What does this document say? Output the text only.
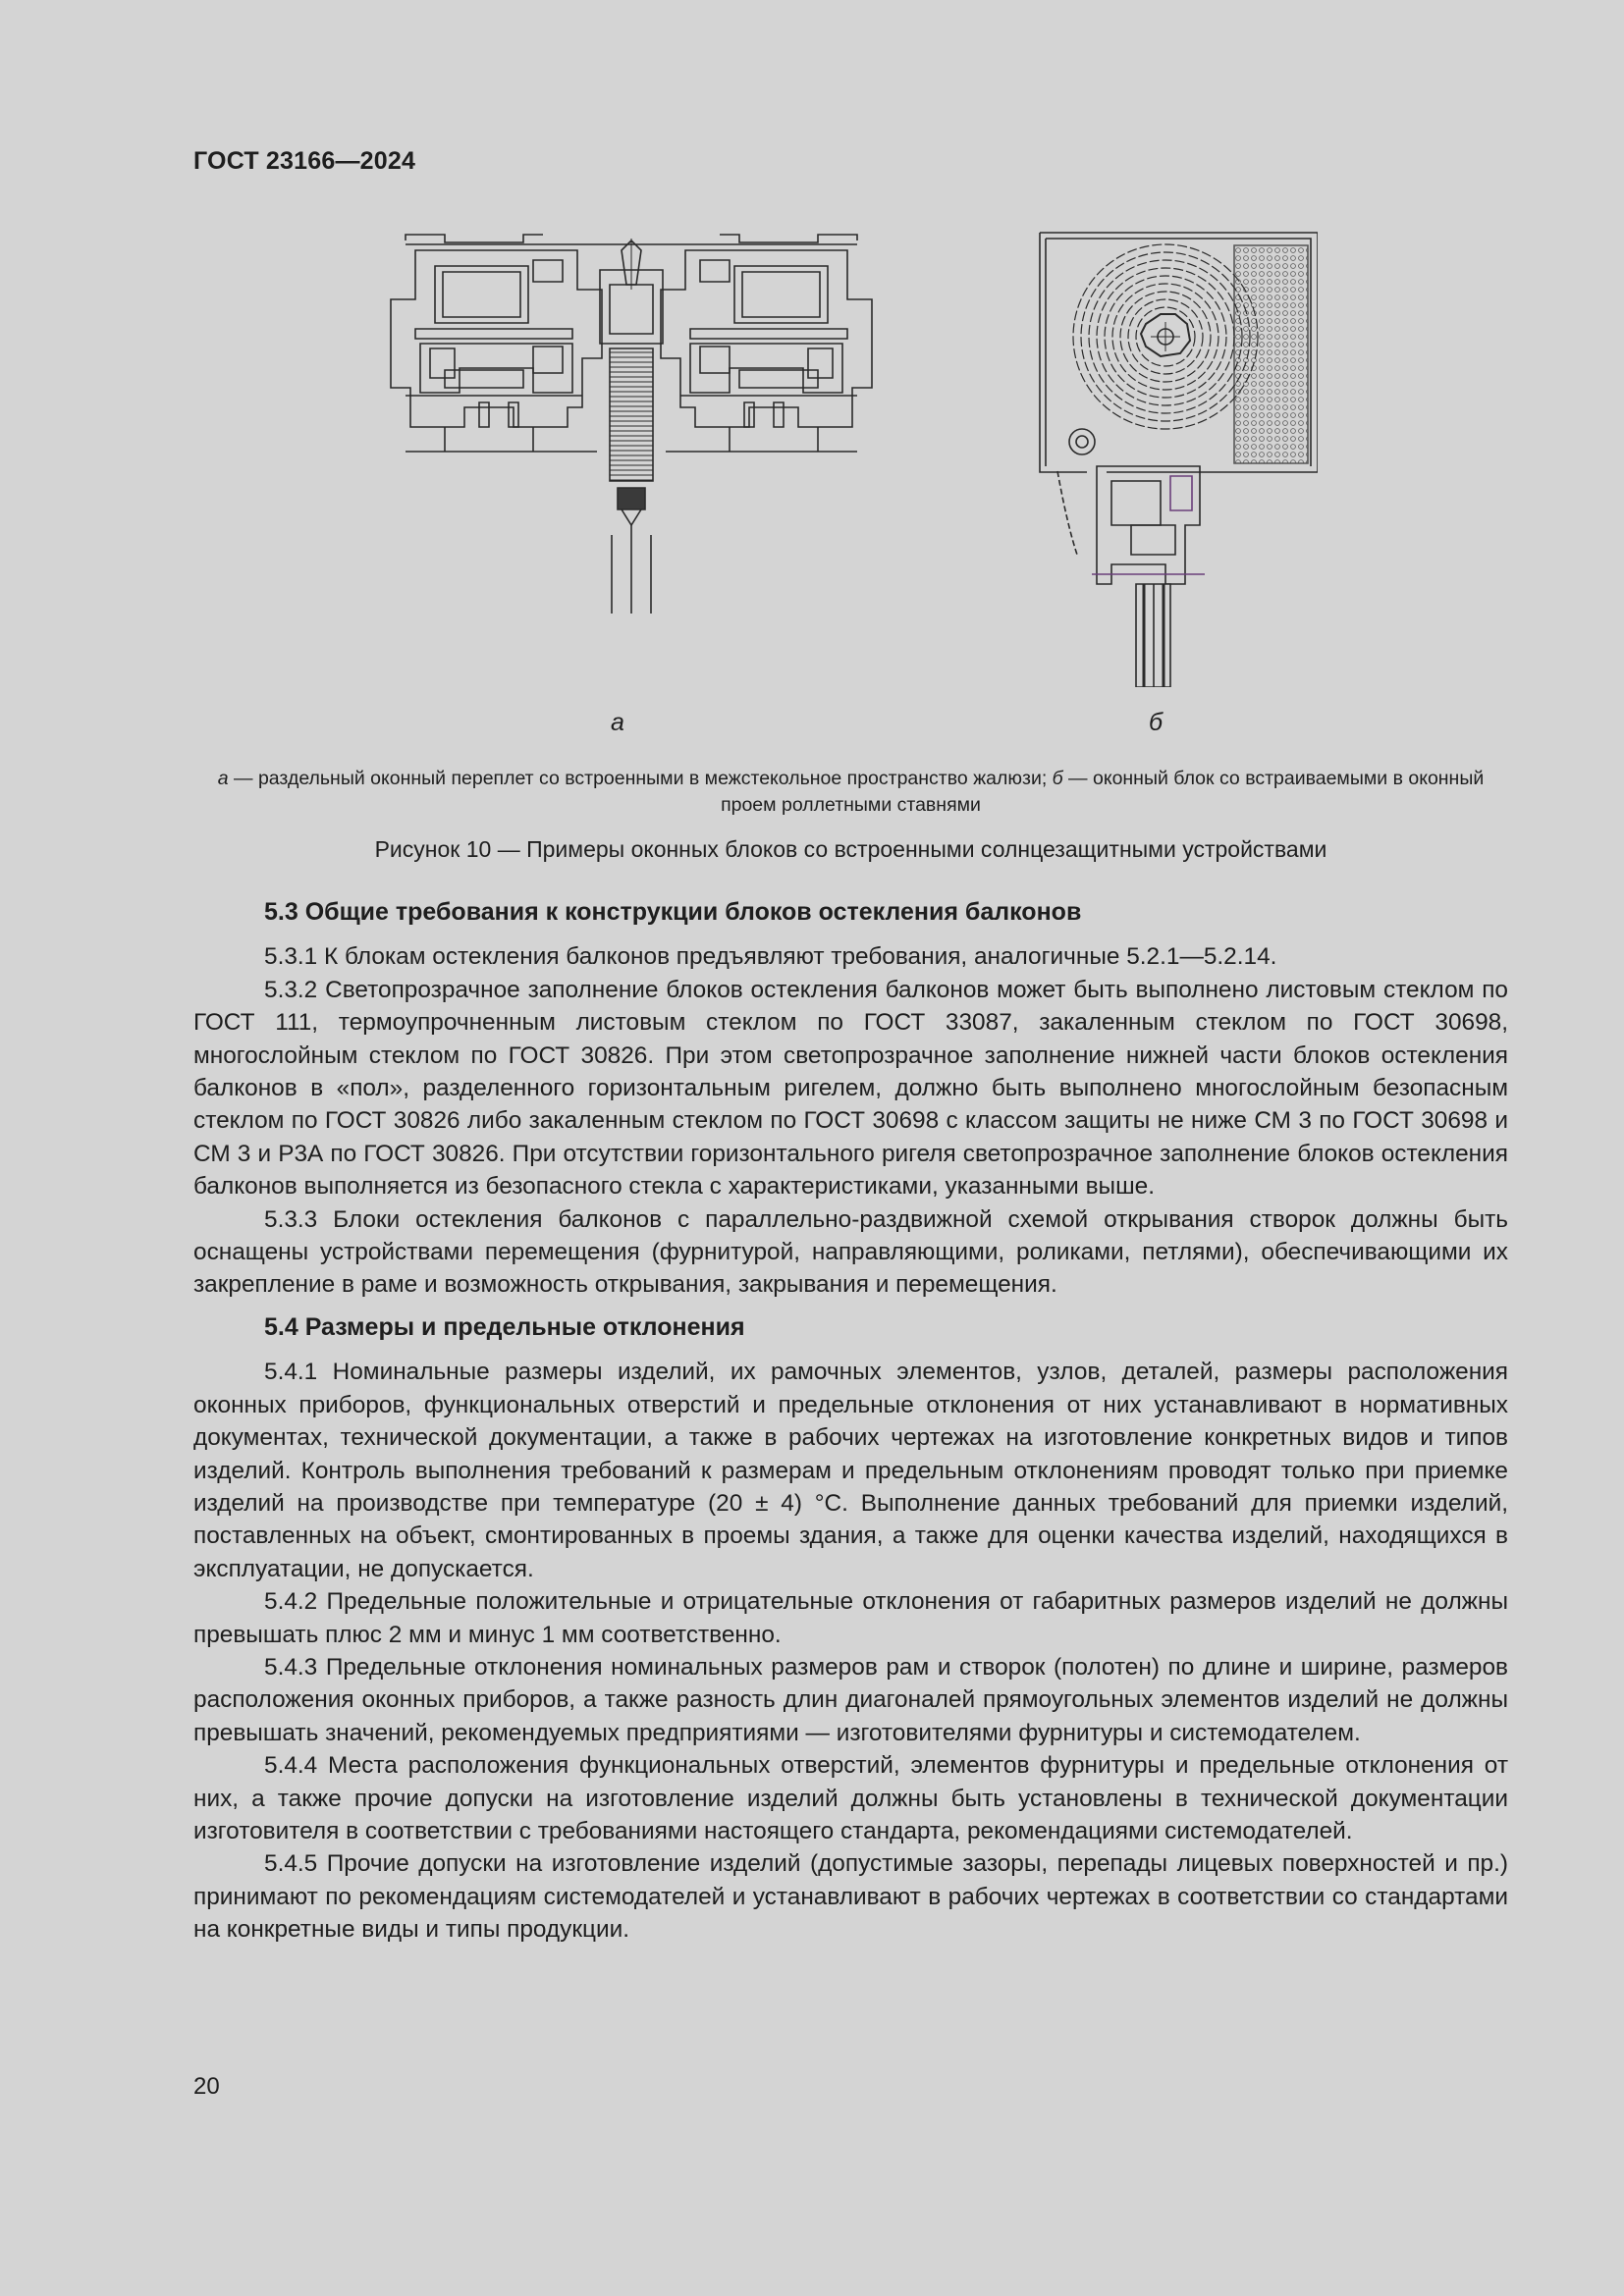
ГОСТ 23166—2024
а	б
а — раздельный оконный переплет со встроенными в межстекольное пространство жалюзи; б — оконный блок со встраиваемыми в оконный проем роллетными ставнями
Рисунок 10 — Примеры оконных блоков со встроенными солнцезащитными устройствами

5.3 Общие требования к конструкции блоков остекления балконов

5.3.1 К блокам остекления балконов предъявляют требования, аналогичные 5.2.1—5.2.14.

5.3.2 Светопрозрачное заполнение блоков остекления балконов может быть выполнено листовым стеклом по ГОСТ 111, термоупрочненным листовым стеклом по ГОСТ 33087, закаленным стеклом по ГОСТ 30698, многослойным стеклом по ГОСТ 30826. При этом светопрозрачное заполнение нижней части блоков остекления балконов в «пол», разделенного горизонтальным ригелем, должно быть выполнено многослойным безопасным стеклом по ГОСТ 30826 либо закаленным стеклом по ГОСТ 30698 с классом защиты не ниже СМ 3 по ГОСТ 30698 и СМ 3 и Р3А по ГОСТ 30826. При отсутствии горизонтального ригеля светопрозрачное заполнение блоков остекления балконов выполняется из безопасного стекла с характеристиками, указанными выше.

5.3.3 Блоки остекления балконов с параллельно-раздвижной схемой открывания створок должны быть оснащены устройствами перемещения (фурнитурой, направляющими, роликами, петлями), обеспечивающими их закрепление в раме и возможность открывания, закрывания и перемещения.

5.4 Размеры и предельные отклонения

5.4.1 Номинальные размеры изделий, их рамочных элементов, узлов, деталей, размеры расположения оконных приборов, функциональных отверстий и предельные отклонения от них устанавливают в нормативных документах, технической документации, а также в рабочих чертежах на изготовление конкретных видов и типов изделий. Контроль выполнения требований к размерам и предельным отклонениям проводят только при приемке изделий на производстве при температуре (20 ± 4) °С. Выполнение данных требований для приемки изделий, поставленных на объект, смонтированных в проемы здания, а также для оценки качества изделий, находящихся в эксплуатации, не допускается.

5.4.2 Предельные положительные и отрицательные отклонения от габаритных размеров изделий не должны превышать плюс 2 мм и минус 1 мм соответственно.

5.4.3 Предельные отклонения номинальных размеров рам и створок (полотен) по длине и ширине, размеров расположения оконных приборов, а также разность длин диагоналей прямоугольных элементов изделий не должны превышать значений, рекомендуемых предприятиями — изготовителями фурнитуры и системодателем.

5.4.4 Места расположения функциональных отверстий, элементов фурнитуры и предельные отклонения от них, а также прочие допуски на изготовление изделий должны быть установлены в технической документации изготовителя в соответствии с требованиями настоящего стандарта, рекомендациями системодателей.

5.4.5 Прочие допуски на изготовление изделий (допустимые зазоры, перепады лицевых поверхностей и пр.) принимают по рекомендациям системодателей и устанавливают в рабочих чертежах в соответствии со стандартами на конкретные виды и типы продукции.

20
